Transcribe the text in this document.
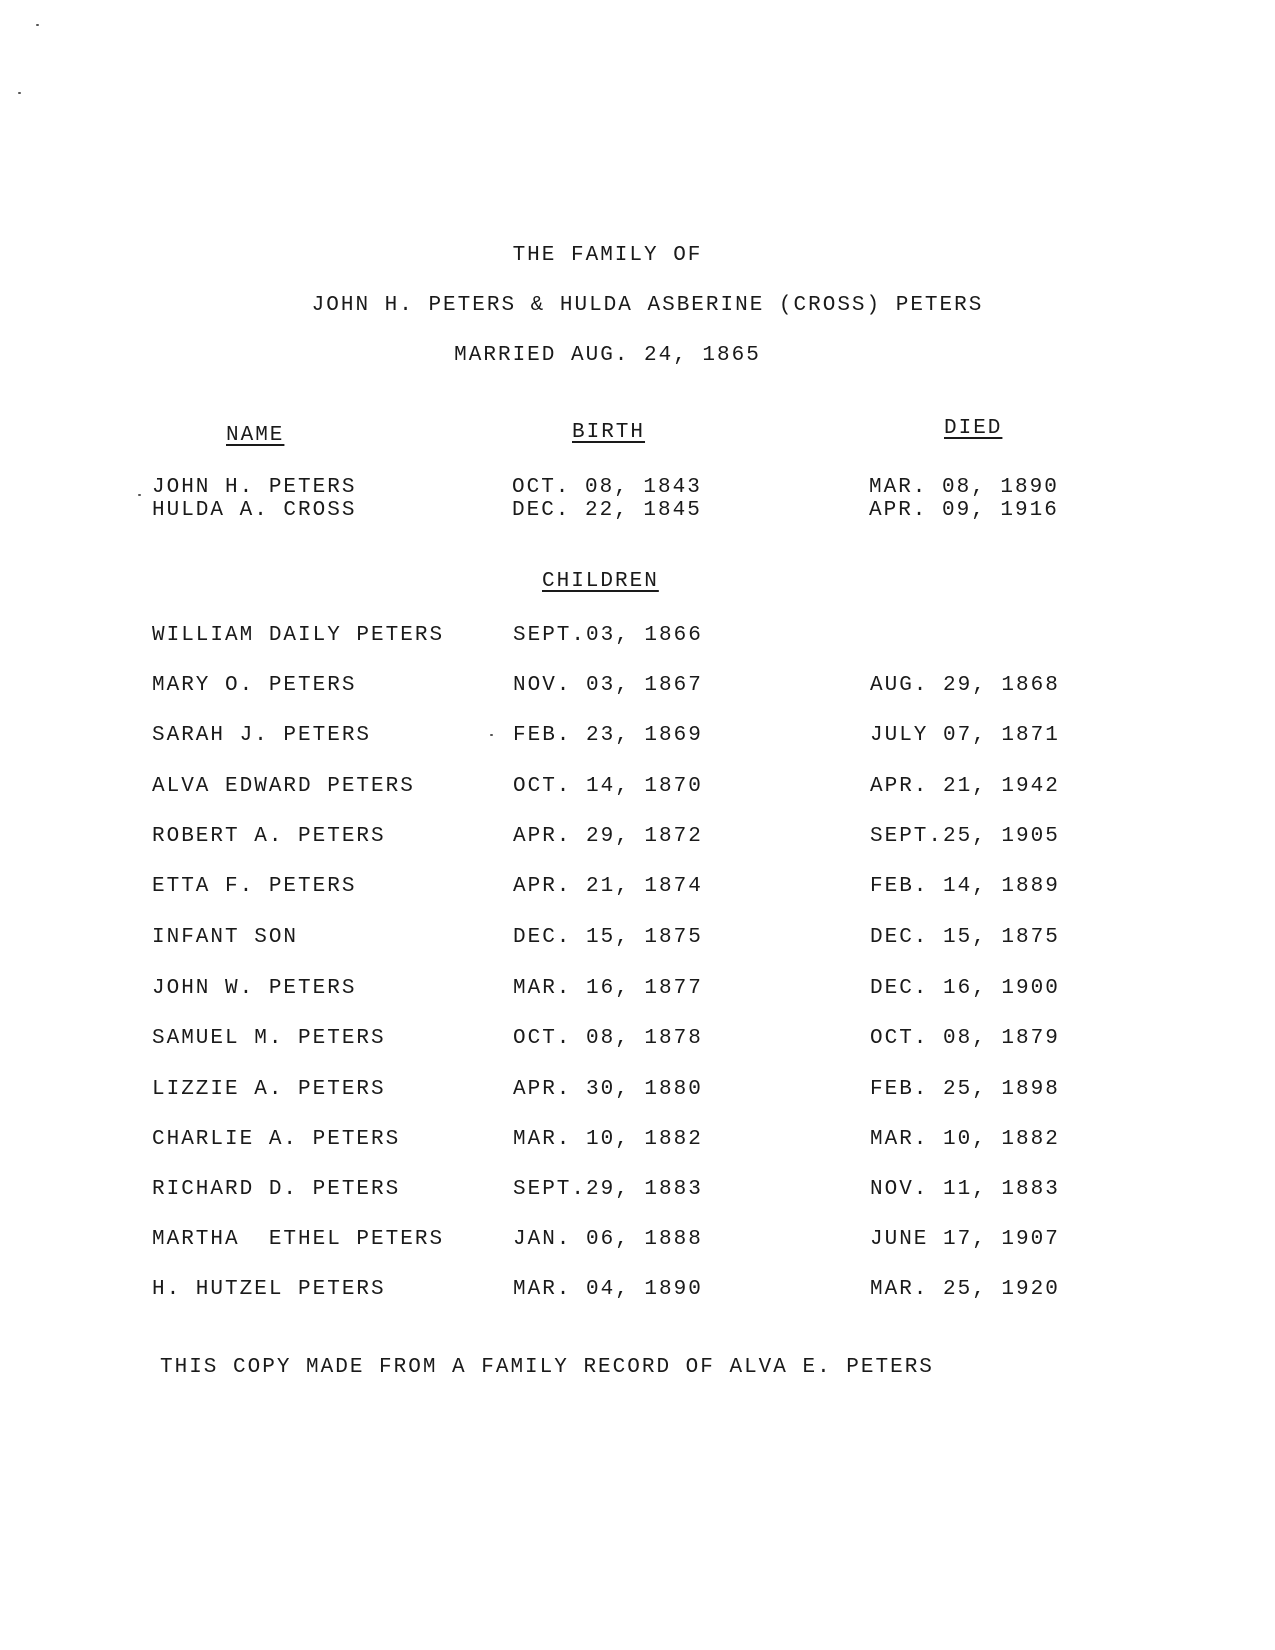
THE FAMILY OF
JOHN H. PETERS & HULDA ASBERINE (CROSS) PETERS
MARRIED AUG. 24, 1865
NAME	BIRTH	DIED
JOHN H. PETERS	OCT. 08, 1843	MAR. 08, 1890
HULDA A. CROSS	DEC. 22, 1845	APR. 09, 1916
CHILDREN
WILLIAM DAILY PETERS	SEPT.03, 1866
MARY O. PETERS	NOV. 03, 1867	AUG. 29, 1868
SARAH J. PETERS	FEB. 23, 1869	JULY 07, 1871
ALVA EDWARD PETERS	OCT. 14, 1870	APR. 21, 1942
ROBERT A. PETERS	APR. 29, 1872	SEPT.25, 1905
ETTA F. PETERS	APR. 21, 1874	FEB. 14, 1889
INFANT SON	DEC. 15, 1875	DEC. 15, 1875
JOHN W. PETERS	MAR. 16, 1877	DEC. 16, 1900
SAMUEL M. PETERS	OCT. 08, 1878	OCT. 08, 1879
LIZZIE A. PETERS	APR. 30, 1880	FEB. 25, 1898
CHARLIE A. PETERS	MAR. 10, 1882	MAR. 10, 1882
RICHARD D. PETERS	SEPT.29, 1883	NOV. 11, 1883
MARTHA  ETHEL PETERS	JAN. 06, 1888	JUNE 17, 1907
H. HUTZEL PETERS	MAR. 04, 1890	MAR. 25, 1920
THIS COPY MADE FROM A FAMILY RECORD OF ALVA E. PETERS
